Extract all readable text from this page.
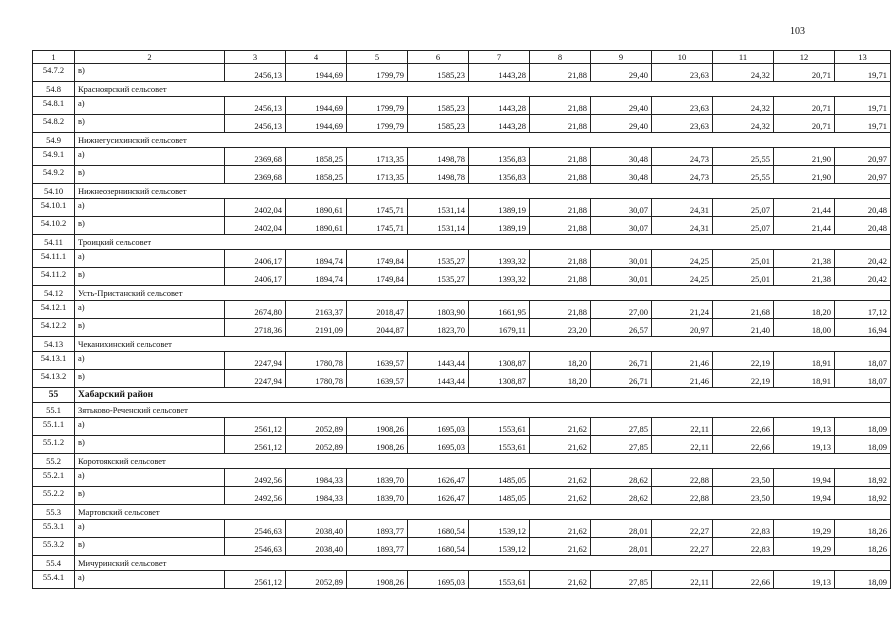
103
1	2	3	4	5	6	7	8	9	10	11	12	13
54.7.2	в)	2456,13	1944,69	1799,79	1585,23	1443,28	21,88	29,40	23,63	24,32	20,71	19,71
54.8	Красноярский сельсовет											
54.8.1	а)	2456,13	1944,69	1799,79	1585,23	1443,28	21,88	29,40	23,63	24,32	20,71	19,71
54.8.2	в)	2456,13	1944,69	1799,79	1585,23	1443,28	21,88	29,40	23,63	24,32	20,71	19,71
54.9	Нижнегусихинский сельсовет											
54.9.1	а)	2369,68	1858,25	1713,35	1498,78	1356,83	21,88	30,48	24,73	25,55	21,90	20,97
54.9.2	в)	2369,68	1858,25	1713,35	1498,78	1356,83	21,88	30,48	24,73	25,55	21,90	20,97
54.10	Нижнеозернинский сельсовет											
54.10.1	а)	2402,04	1890,61	1745,71	1531,14	1389,19	21,88	30,07	24,31	25,07	21,44	20,48
54.10.2	в)	2402,04	1890,61	1745,71	1531,14	1389,19	21,88	30,07	24,31	25,07	21,44	20,48
54.11	Троицкий сельсовет											
54.11.1	а)	2406,17	1894,74	1749,84	1535,27	1393,32	21,88	30,01	24,25	25,01	21,38	20,42
54.11.2	в)	2406,17	1894,74	1749,84	1535,27	1393,32	21,88	30,01	24,25	25,01	21,38	20,42
54.12	Усть-Пристанский сельсовет											
54.12.1	а)	2674,80	2163,37	2018,47	1803,90	1661,95	21,88	27,00	21,24	21,68	18,20	17,12
54.12.2	в)	2718,36	2191,09	2044,87	1823,70	1679,11	23,20	26,57	20,97	21,40	18,00	16,94
54.13	Чеканихинский сельсовет											
54.13.1	а)	2247,94	1780,78	1639,57	1443,44	1308,87	18,20	26,71	21,46	22,19	18,91	18,07
54.13.2	в)	2247,94	1780,78	1639,57	1443,44	1308,87	18,20	26,71	21,46	22,19	18,91	18,07
55	Хабарский район											
55.1	Зятьково-Реченский сельсовет											
55.1.1	а)	2561,12	2052,89	1908,26	1695,03	1553,61	21,62	27,85	22,11	22,66	19,13	18,09
55.1.2	в)	2561,12	2052,89	1908,26	1695,03	1553,61	21,62	27,85	22,11	22,66	19,13	18,09
55.2	Коротоякский сельсовет											
55.2.1	а)	2492,56	1984,33	1839,70	1626,47	1485,05	21,62	28,62	22,88	23,50	19,94	18,92
55.2.2	в)	2492,56	1984,33	1839,70	1626,47	1485,05	21,62	28,62	22,88	23,50	19,94	18,92
55.3	Мартовский сельсовет											
55.3.1	а)	2546,63	2038,40	1893,77	1680,54	1539,12	21,62	28,01	22,27	22,83	19,29	18,26
55.3.2	в)	2546,63	2038,40	1893,77	1680,54	1539,12	21,62	28,01	22,27	22,83	19,29	18,26
55.4	Мичуринский сельсовет											
55.4.1	а)	2561,12	2052,89	1908,26	1695,03	1553,61	21,62	27,85	22,11	22,66	19,13	18,09
